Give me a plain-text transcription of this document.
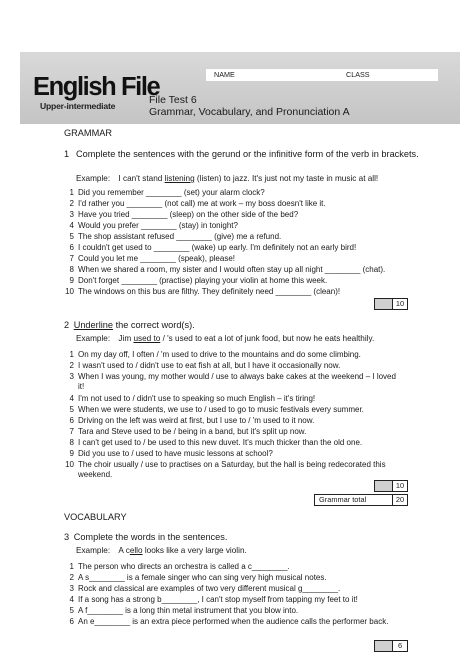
NAME	CLASS
English File
Upper-intermediate	File Test 6
Grammar, Vocabulary, and Pronunciation A
GRAMMAR
1 Complete the sentences with the gerund or the infinitive form of the verb in brackets.
Example: I can't stand listening (listen) to jazz. It's just not my taste in music at all!
1 Did you remember ________ (set) your alarm clock?
2 I'd rather you ________ (not call) me at work – my boss doesn't like it.
3 Have you tried ________ (sleep) on the other side of the bed?
4 Would you prefer ________ (stay) in tonight?
5 The shop assistant refused ________ (give) me a refund.
6 I couldn't get used to ________ (wake) up early. I'm definitely not an early bird!
7 Could you let me ________ (speak), please!
8 When we shared a room, my sister and I would often stay up all night ________ (chat).
9 Don't forget ________ (practise) playing your violin at home this week.
10 The windows on this bus are filthy. They definitely need ________ (clean)!
10
2 Underline the correct word(s).
Example: Jim used to / 's used to eat a lot of junk food, but now he eats healthily.
1 On my day off, I often / 'm used to drive to the mountains and do some climbing.
2 I wasn't used to / didn't use to eat fish at all, but I have it occasionally now.
3 When I was young, my mother would / use to always bake cakes at the weekend – I loved it!
4 I'm not used to / didn't use to speaking so much English – it's tiring!
5 When we were students, we use to / used to go to music festivals every summer.
6 Driving on the left was weird at first, but I use to / 'm used to it now.
7 Tara and Steve used to be / being in a band, but it's split up now.
8 I can't get used to / be used to this new duvet. It's much thicker than the old one.
9 Did you use to / used to have music lessons at school?
10 The choir usually / use to practises on a Saturday, but the hall is being redecorated this weekend.
10
Grammar total	20
VOCABULARY
3 Complete the words in the sentences.
Example: A cello looks like a very large violin.
1 The person who directs an orchestra is called a c________.
2 A s________ is a female singer who can sing very high musical notes.
3 Rock and classical are examples of two very different musical g________.
4 If a song has a strong b________, I can't stop myself from tapping my feet to it!
5 A f________ is a long thin metal instrument that you blow into.
6 An e________ is an extra piece performed when the audience calls the performer back.
6
